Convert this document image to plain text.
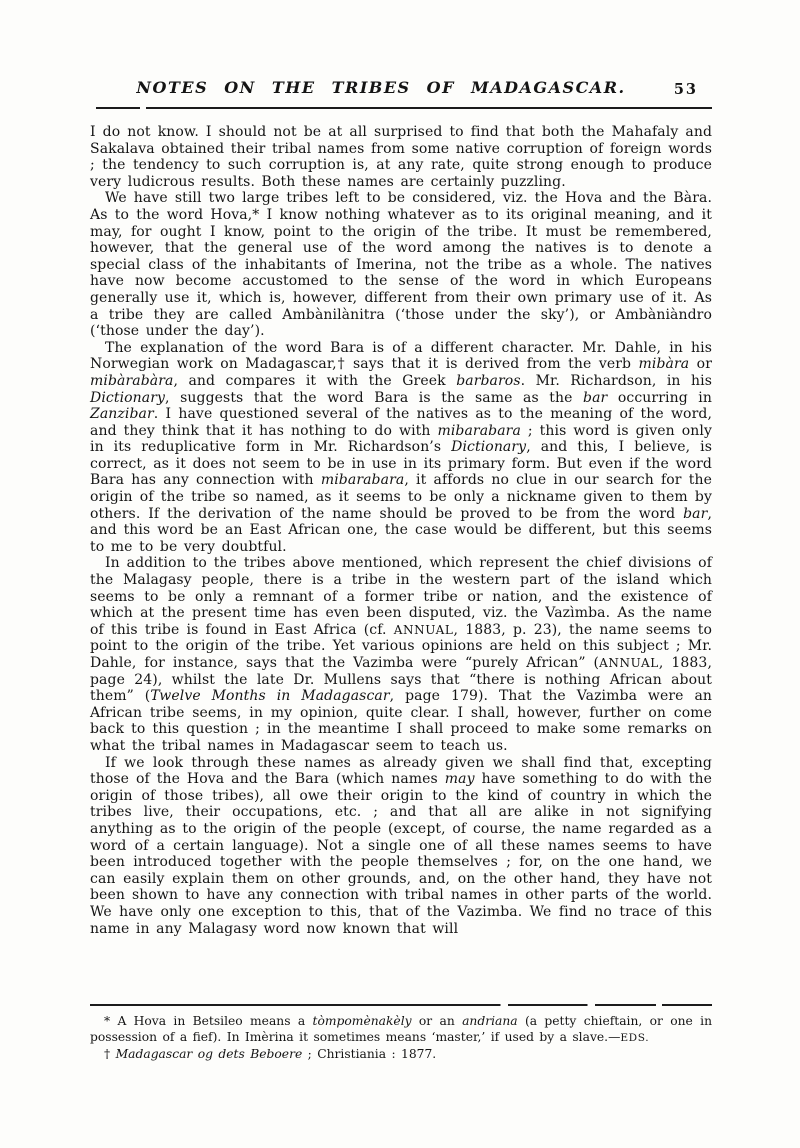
NOTES ON THE TRIBES OF MADAGASCAR.	53

I do not know. I should not be at all surprised to find that both the Mahafaly and Sakalava obtained their tribal names from some native corruption of foreign words ; the tendency to such corruption is, at any rate, quite strong enough to produce very ludicrous results. Both these names are certainly puzzling.

We have still two large tribes left to be considered, viz. the Hova and the Bàra. As to the word Hova,* I know nothing whatever as to its original meaning, and it may, for ought I know, point to the origin of the tribe. It must be remembered, however, that the general use of the word among the natives is to denote a special class of the inhabitants of Imerina, not the tribe as a whole. The natives have now become accustomed to the sense of the word in which Europeans generally use it, which is, however, different from their own primary use of it. As a tribe they are called Ambànilànitra (‘those under the sky’), or Ambàniàndro (‘those under the day’).

The explanation of the word Bara is of a different character. Mr. Dahle, in his Norwegian work on Madagascar,† says that it is derived from the verb mibàra or mibàrabàra, and compares it with the Greek barbaros. Mr. Richardson, in his Dictionary, suggests that the word Bara is the same as the bar occurring in Zanzibar. I have questioned several of the natives as to the meaning of the word, and they think that it has nothing to do with mibarabara ; this word is given only in its reduplicative form in Mr. Richardson’s Dictionary, and this, I believe, is correct, as it does not seem to be in use in its primary form. But even if the word Bara has any connection with mibarabara, it affords no clue in our search for the origin of the tribe so named, as it seems to be only a nickname given to them by others. If the derivation of the name should be proved to be from the word bar, and this word be an East African one, the case would be different, but this seems to me to be very doubtful.

In addition to the tribes above mentioned, which represent the chief divisions of the Malagasy people, there is a tribe in the western part of the island which seems to be only a remnant of a former tribe or nation, and the existence of which at the present time has even been disputed, viz. the Vazìmba. As the name of this tribe is found in East Africa (cf. ANNUAL, 1883, p. 23), the name seems to point to the origin of the tribe. Yet various opinions are held on this subject ; Mr. Dahle, for instance, says that the Vazimba were “purely African” (ANNUAL, 1883, page 24), whilst the late Dr. Mullens says that “there is nothing African about them” (Twelve Months in Madagascar, page 179). That the Vazimba were an African tribe seems, in my opinion, quite clear. I shall, however, further on come back to this question ; in the meantime I shall proceed to make some remarks on what the tribal names in Madagascar seem to teach us.

If we look through these names as already given we shall find that, excepting those of the Hova and the Bara (which names may have something to do with the origin of those tribes), all owe their origin to the kind of country in which the tribes live, their occupations, etc. ; and that all are alike in not signifying anything as to the origin of the people (except, of course, the name regarded as a word of a certain language). Not a single one of all these names seems to have been introduced together with the people themselves ; for, on the one hand, we can easily explain them on other grounds, and, on the other hand, they have not been shown to have any connection with tribal names in other parts of the world. We have only one exception to this, that of the Vazimba. We find no trace of this name in any Malagasy word now known that will

* A Hova in Betsileo means a tòmpomènakèly or an andriana (a petty chieftain, or one in possession of a fief). In Imèrina it sometimes means ‘master,’ if used by a slave.—EDS.

† Madagascar og dets Beboere ; Christiania : 1877.
